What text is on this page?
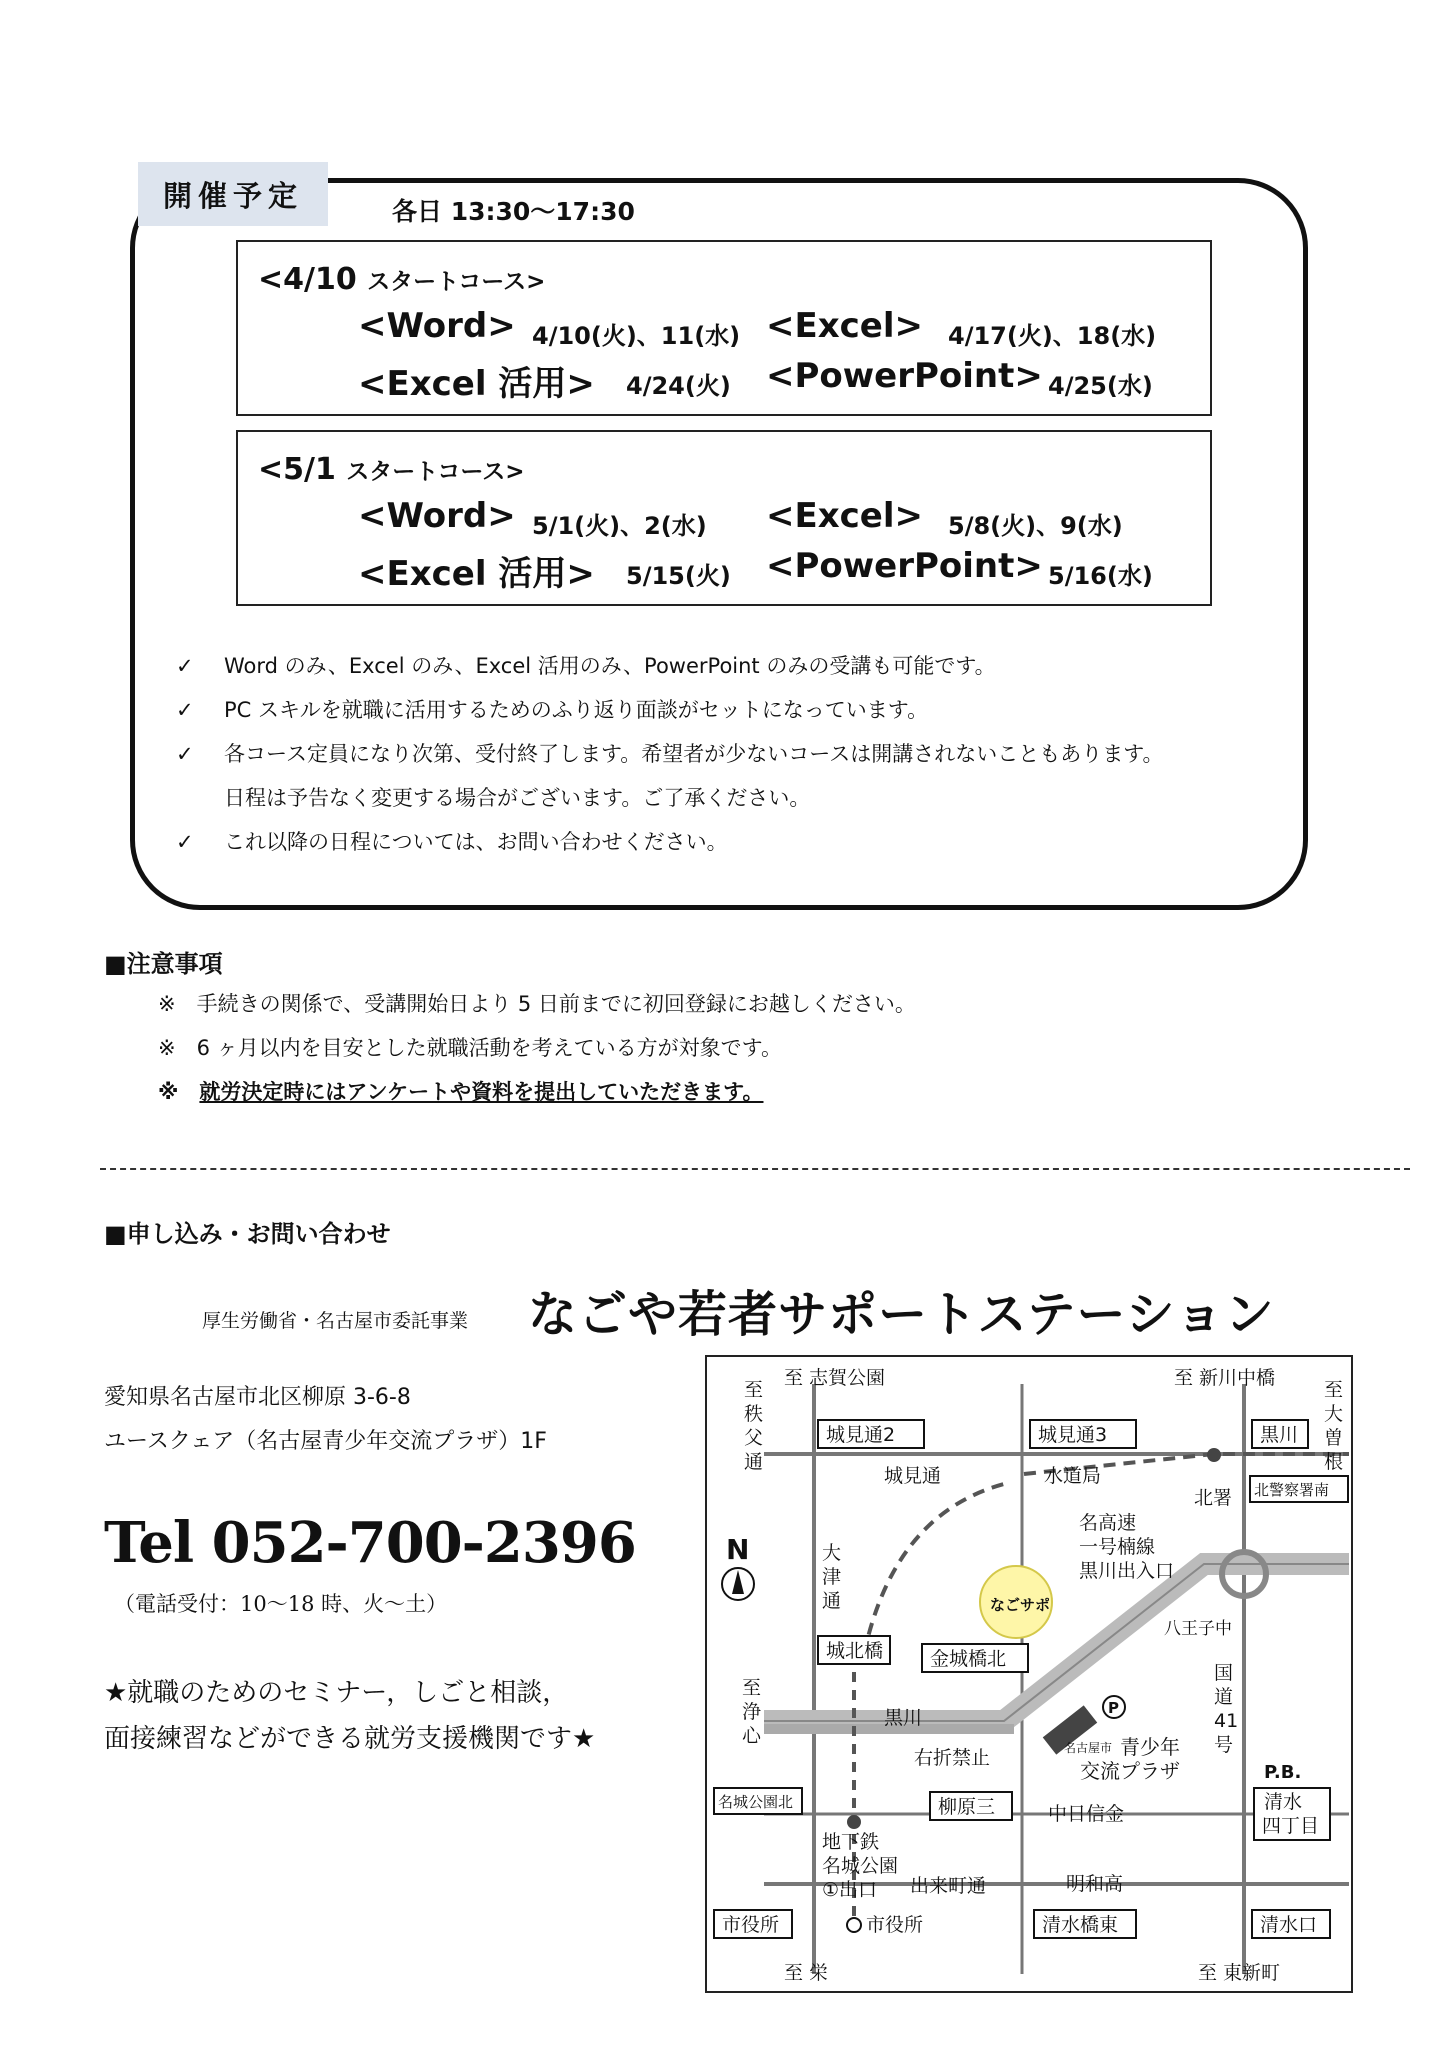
開催予定	各日 13:30〜17:30
<4/10 スタートコース>
<Word> 4/10(火)、11(水) <Excel> 4/17(火)、18(水)
<Excel 活用> 4/24(火) <PowerPoint> 4/25(水)
<5/1 スタートコース>
<Word> 5/1(火)、2(水) <Excel> 5/8(火)、9(水)
<Excel 活用> 5/15(火) <PowerPoint> 5/16(水)
✓ Word のみ、Excel のみ、Excel 活用のみ、PowerPoint のみの受講も可能です。
✓ PC スキルを就職に活用するためのふり返り面談がセットになっています。
✓ 各コース定員になり次第、受付終了します。希望者が少ないコースは開講されないこともあります。
日程は予告なく変更する場合がございます。ご了承ください。
✓ これ以降の日程については、お問い合わせください。
■注意事項
※　 手続きの関係で、受講開始日より 5 日前までに初回登録にお越しください。
※　 6 ヶ月以内を目安とした就職活動を考えている方が対象です。
※　 就労決定時にはアンケートや資料を提出していただきます。
■申し込み・お問い合わせ
厚生労働省・名古屋市委託事業 なごや若者サポートステーション
愛知県名古屋市北区柳原 3-6-8
ユースクェア（名古屋青少年交流プラザ）1F
Tel 052-700-2396
（電話受付：10〜18 時、火〜土）
★就職のためのセミナー，しごと相談，
面接練習などができる就労支援機関です★
なごサポ
N
城見通2	城見通3	黒川
北警察署南
城北橋 金城橋北
名城公園北	柳原三	清水
四丁目
市役所	清水橋東	清水口
至 志賀公園	至 新川中橋
至
秩
父
通
至
大
曽
根
城見通	水道局
北署
名高速
一号楠線
黒川出入口
大
津
通
八王子中
国
道
41
号
至
浄
心
黒川
右折禁止
P
名古屋市 青少年
交流プラザ	P.B.
中日信金
地下鉄
名城公園
①出口 出来町通	明和高
市役所
至 栄	至 東新町
